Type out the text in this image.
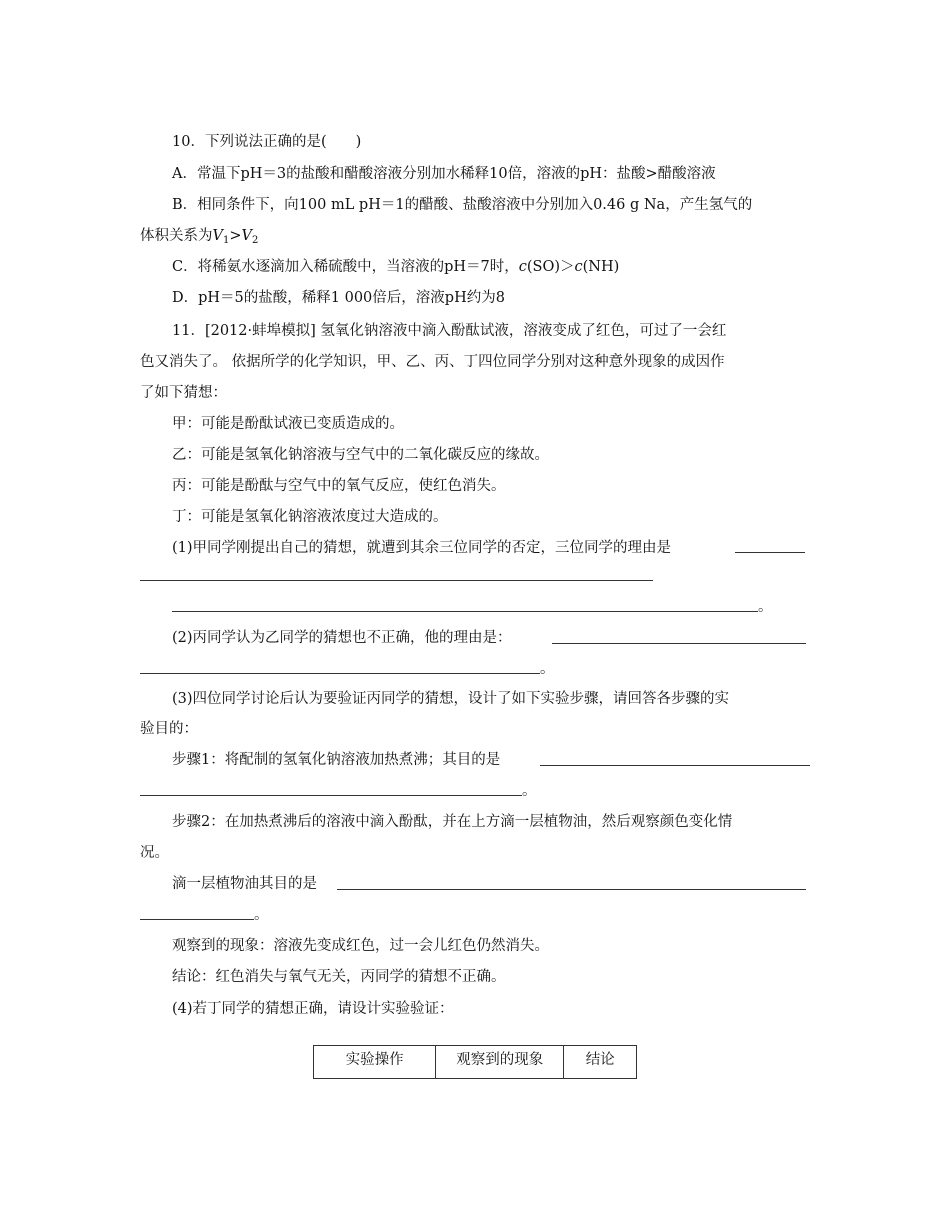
10．下列说法正确的是(　　)
A．常温下pH＝3的盐酸和醋酸溶液分别加水稀释10倍，溶液的pH：盐酸>醋酸溶液
B．相同条件下，向100 mL pH＝1的醋酸、盐酸溶液中分别加入0.46 g Na，产生氢气的
体积关系为$V_1>V_2$
C．将稀氨水逐滴加入稀硫酸中，当溶液的pH＝7时，c(SO)＞c(NH)
D．pH＝5的盐酸，稀释1 000倍后，溶液pH约为8
11．[2012·蚌埠模拟] 氢氧化钠溶液中滴入酚酞试液，溶液变成了红色，可过了一会红
色又消失了。 依据所学的化学知识，甲、乙、丙、丁四位同学分别对这种意外现象的成因作
了如下猜想：
甲：可能是酚酞试液已变质造成的。
乙：可能是氢氧化钠溶液与空气中的二氧化碳反应的缘故。
丙：可能是酚酞与空气中的氧气反应，使红色消失。
丁：可能是氢氧化钠溶液浓度过大造成的。
(1)甲同学刚提出自己的猜想，就遭到其余三位同学的否定，三位同学的理由是
。
(2)丙同学认为乙同学的猜想也不正确，他的理由是：
。
(3)四位同学讨论后认为要验证丙同学的猜想，设计了如下实验步骤，请回答各步骤的实
验目的：
步骤1：将配制的氢氧化钠溶液加热煮沸；其目的是
。
步骤2：在加热煮沸后的溶液中滴入酚酞，并在上方滴一层植物油，然后观察颜色变化情
况。
滴一层植物油其目的是
。
观察到的现象：溶液先变成红色，过一会儿红色仍然消失。
结论：红色消失与氧气无关，丙同学的猜想不正确。
(4)若丁同学的猜想正确，请设计实验验证：
实验操作	观察到的现象	结论
